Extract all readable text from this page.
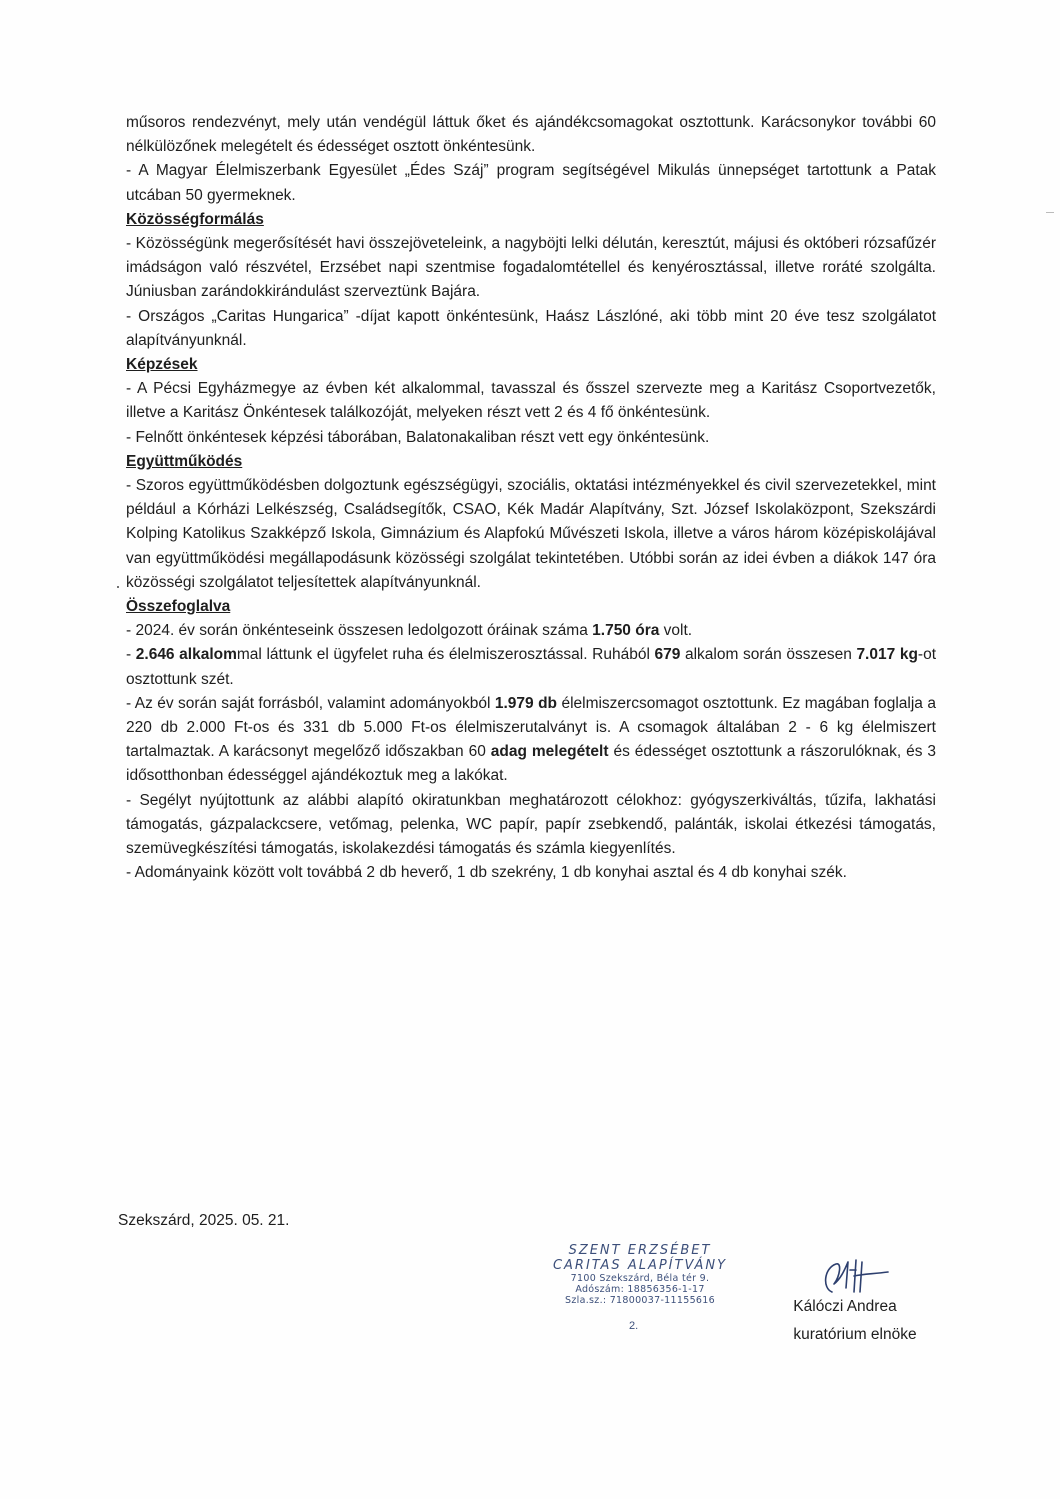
műsoros rendezvényt, mely után vendégül láttuk őket és ajándékcsomagokat osztottunk. Karácsonykor további 60 nélkülözőnek melegételt és édességet osztott önkéntesünk.

- A Magyar Élelmiszerbank Egyesület „Édes Száj” program segítségével Mikulás ünnepséget tartottunk a Patak utcában 50 gyermeknek.

Közösségformálás

- Közösségünk megerősítését havi összejöveteleink, a nagyböjti lelki délután, keresztút, májusi és októberi rózsafűzér imádságon való részvétel, Erzsébet napi szentmise fogadalomtétellel és kenyérosztással, illetve roráté szolgálta. Júniusban zarándokkirándulást szerveztünk Bajára.

- Országos „Caritas Hungarica” -díjat kapott önkéntesünk, Haász Lászlóné, aki több mint 20 éve tesz szolgálatot alapítványunknál.

Képzések

- A Pécsi Egyházmegye az évben két alkalommal, tavasszal és ősszel szervezte meg a Karitász Csoportvezetők, illetve a Karitász Önkéntesek találkozóját, melyeken részt vett 2 és 4 fő önkéntesünk.

- Felnőtt önkéntesek képzési táborában, Balatonakaliban részt vett egy önkéntesünk.

Együttműködés

- Szoros együttműködésben dolgoztunk egészségügyi, szociális, oktatási intézményekkel és civil szervezetekkel, mint például a Kórházi Lelkészség, Családsegítők, CSAO, Kék Madár Alapítvány, Szt. József Iskolaközpont, Szekszárdi Kolping Katolikus Szakképző Iskola, Gimnázium és Alapfokú Művészeti Iskola, illetve a város három középiskolájával van együttműködési megállapodásunk közösségi szolgálat tekintetében. Utóbbi során az idei évben a diákok 147 óra közösségi szolgálatot teljesítettek alapítványunknál.

Összefoglalva

- 2024. év során önkénteseink összesen ledolgozott óráinak száma 1.750 óra volt.

- 2.646 alkalommal láttunk el ügyfelet ruha és élelmiszerosztással. Ruhából 679 alkalom során összesen 7.017 kg-ot osztottunk szét.

- Az év során saját forrásból, valamint adományokból 1.979 db élelmiszercsomagot osztottunk. Ez magában foglalja a 220 db 2.000 Ft-os és 331 db 5.000 Ft-os élelmiszerutalványt is. A csomagok általában 2 - 6 kg élelmiszert tartalmaztak. A karácsonyt megelőző időszakban 60 adag melegételt és édességet osztottunk a rászorulóknak, és 3 idősotthonban édességgel ajándékoztuk meg a lakókat.

- Segélyt nyújtottunk az alábbi alapító okiratunkban meghatározott célokhoz: gyógyszerkiváltás, tűzifa, lakhatási támogatás, gázpalackcsere, vetőmag, pelenka, WC papír, papír zsebkendő, palánták, iskolai étkezési támogatás, szemüvegkészítési támogatás, iskolakezdési támogatás és számla kiegyenlítés.

- Adományaink között volt továbbá 2 db heverő, 1 db szekrény, 1 db konyhai asztal és 4 db konyhai szék.

Szekszárd, 2025. 05. 21.
SZENT ERZSÉBET
CARITAS ALAPÍTVÁNY
7100 Szekszárd, Béla tér 9.
Adószám: 18856356-1-17
Szla.sz.: 71800037-11155616
2.
Kálóczi Andrea
kuratórium elnöke
